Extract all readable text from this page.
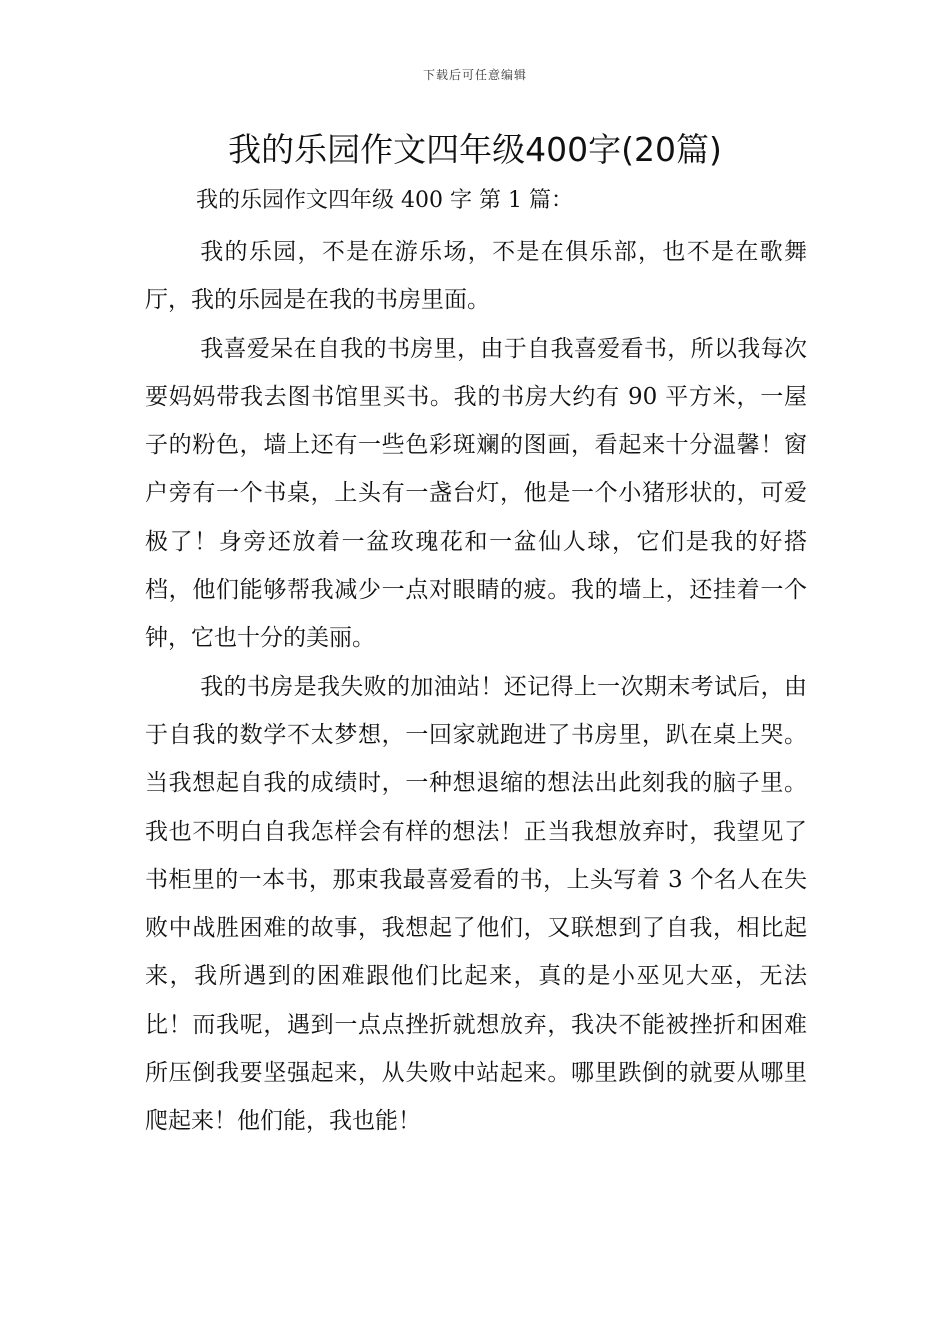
下载后可任意编辑
我的乐园作文四年级400字(20篇)

我的乐园作文四年级 400 字 第 1 篇：

我的乐园，不是在游乐场，不是在俱乐部，也不是在歌舞厅，我的乐园是在我的书房里面。

我喜爱呆在自我的书房里，由于自我喜爱看书，所以我每次要妈妈带我去图书馆里买书。我的书房大约有 90 平方米，一屋子的粉色，墙上还有一些色彩斑斓的图画，看起来十分温馨！窗户旁有一个书桌，上头有一盏台灯，他是一个小猪形状的，可爱极了！身旁还放着一盆玫瑰花和一盆仙人球，它们是我的好搭档，他们能够帮我减少一点对眼睛的疲。我的墙上，还挂着一个钟，它也十分的美丽。

我的书房是我失败的加油站！还记得上一次期末考试后，由于自我的数学不太梦想，一回家就跑进了书房里，趴在桌上哭。当我想起自我的成绩时，一种想退缩的想法出此刻我的脑子里。我也不明白自我怎样会有样的想法！正当我想放弃时，我望见了书柜里的一本书，那束我最喜爱看的书，上头写着 3 个名人在失败中战胜困难的故事，我想起了他们，又联想到了自我，相比起来，我所遇到的困难跟他们比起来，真的是小巫见大巫，无法比！而我呢，遇到一点点挫折就想放弃，我决不能被挫折和困难所压倒我要坚强起来，从失败中站起来。哪里跌倒的就要从哪里爬起来！他们能，我也能！
